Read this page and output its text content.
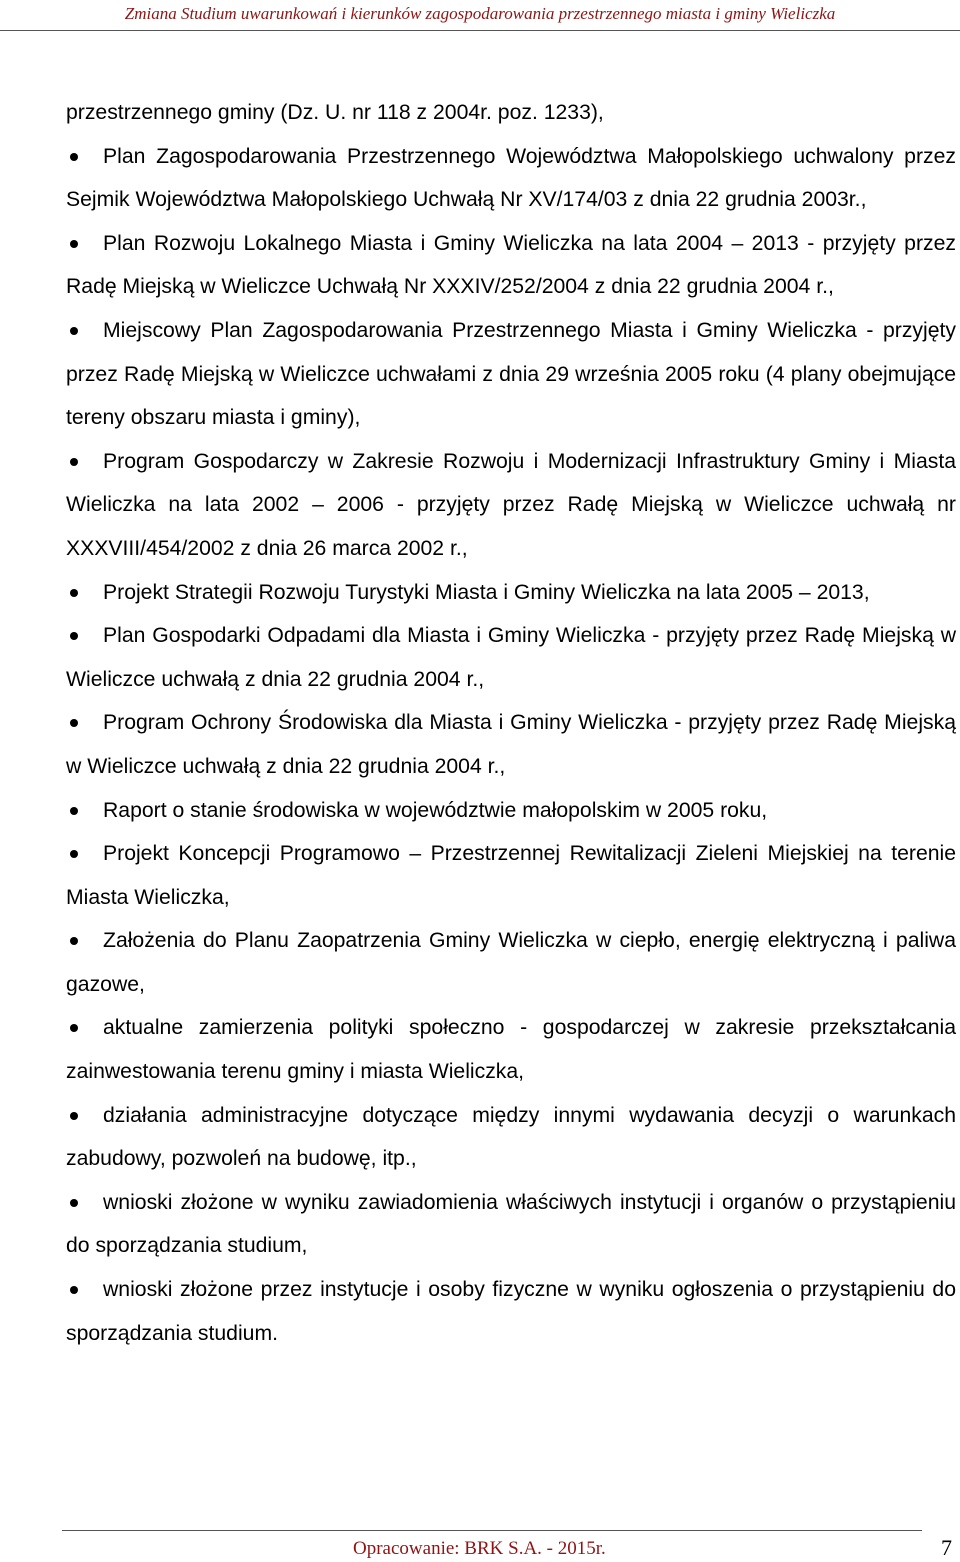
Zmiana Studium uwarunkowań i kierunków zagospodarowania przestrzennego miasta i gminy Wieliczka
przestrzennego gminy (Dz. U. nr 118 z 2004r. poz. 1233),
Plan Zagospodarowania Przestrzennego Województwa Małopolskiego uchwalony przez Sejmik Województwa Małopolskiego Uchwałą Nr XV/174/03 z dnia 22 grudnia 2003r.,
Plan Rozwoju Lokalnego Miasta i Gminy Wieliczka na lata 2004 – 2013 - przyjęty przez Radę Miejską w Wieliczce Uchwałą Nr XXXIV/252/2004 z dnia 22 grudnia 2004 r.,
Miejscowy Plan Zagospodarowania Przestrzennego Miasta i Gminy Wieliczka - przyjęty przez Radę Miejską w Wieliczce uchwałami z dnia 29 września 2005 roku (4 plany obejmujące tereny obszaru miasta i gminy),
Program Gospodarczy w Zakresie Rozwoju i Modernizacji Infrastruktury Gminy i Miasta Wieliczka na lata 2002 – 2006 - przyjęty przez Radę Miejską w Wieliczce uchwałą nr XXXVIII/454/2002 z dnia 26 marca 2002 r.,
Projekt Strategii Rozwoju Turystyki Miasta i Gminy Wieliczka na lata 2005 – 2013,
Plan Gospodarki Odpadami dla Miasta i Gminy Wieliczka - przyjęty przez Radę Miejską w Wieliczce uchwałą z dnia 22 grudnia 2004 r.,
Program Ochrony Środowiska dla Miasta i Gminy Wieliczka - przyjęty przez Radę Miejską w Wieliczce uchwałą z dnia 22 grudnia 2004 r.,
Raport o stanie środowiska w województwie małopolskim w 2005 roku,
Projekt Koncepcji Programowo – Przestrzennej Rewitalizacji Zieleni Miejskiej na terenie Miasta Wieliczka,
Założenia do Planu Zaopatrzenia Gminy Wieliczka w ciepło, energię elektryczną i paliwa gazowe,
aktualne zamierzenia polityki społeczno - gospodarczej w zakresie przekształcania zainwestowania terenu gminy i miasta Wieliczka,
działania administracyjne dotyczące między innymi wydawania decyzji o warunkach zabudowy, pozwoleń na budowę, itp.,
wnioski złożone w wyniku zawiadomienia właściwych instytucji i organów o przystąpieniu do sporządzania studium,
wnioski złożone przez instytucje i osoby fizyczne w wyniku ogłoszenia o przystąpieniu do sporządzania studium.
Opracowanie: BRK S.A. - 2015r.	7
